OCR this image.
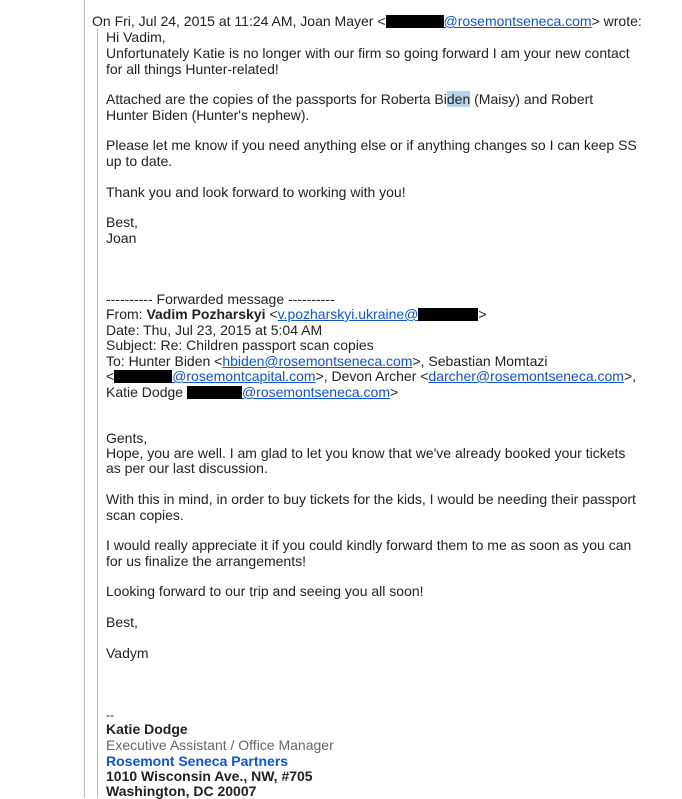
On Fri, Jul 24, 2015 at 11:24 AM, Joan Mayer <	@rosemontseneca.com> wrote:
Hi Vadim,
Unfortunately Katie is no longer with our firm so going forward I am your new contact
for all things Hunter-related!
Attached are the copies of the passports for Roberta Biden (Maisy) and Robert
Hunter Biden (Hunter's nephew).
Please let me know if you need anything else or if anything changes so I can keep SS
up to date.
Thank you and look forward to working with you!
Best,
Joan
---------- Forwarded message ----------
From: Vadim Pozharskyi <v.pozharskyi.ukraine@	>
Date: Thu, Jul 23, 2015 at 5:04 AM
Subject: Re: Children passport scan copies
To: Hunter Biden <hbiden@rosemontseneca.com>, Sebastian Momtazi
<	@rosemontcapital.com>, Devon Archer <darcher@rosemontseneca.com>,
Katie Dodge	@rosemontseneca.com>
Gents,
Hope, you are well. I am glad to let you know that we've already booked your tickets
as per our last discussion.
With this in mind, in order to buy tickets for the kids, I would be needing their passport
scan copies.
I would really appreciate it if you could kindly forward them to me as soon as you can
for us finalize the arrangements!
Looking forward to our trip and seeing you all soon!
Best,
Vadym
--
Katie Dodge
Executive Assistant / Office Manager
Rosemont Seneca Partners
1010 Wisconsin Ave., NW, #705
Washington, DC 20007
